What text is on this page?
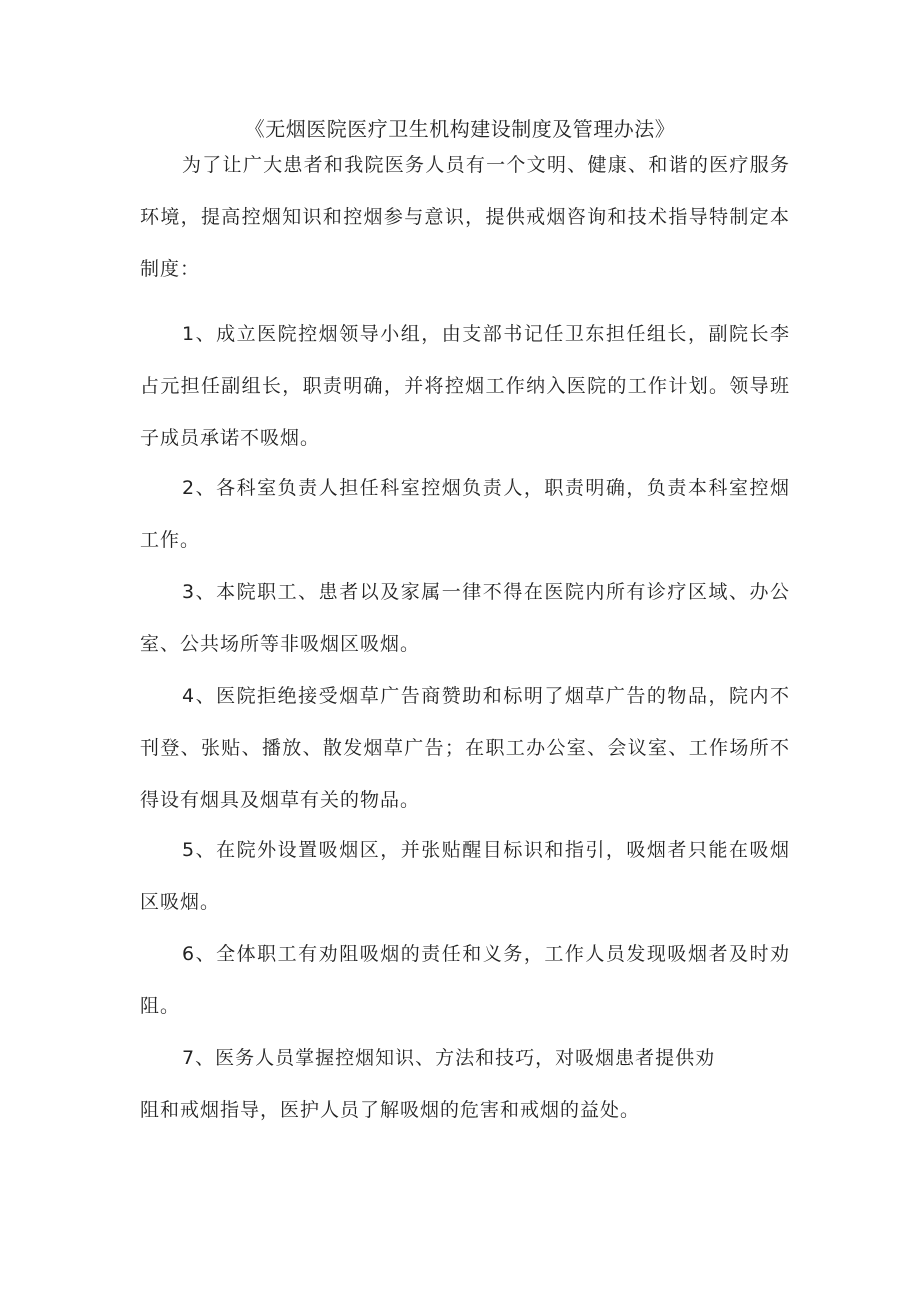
《无烟医院医疗卫生机构建设制度及管理办法》
为了让广大患者和我院医务人员有一个文明、健康、和谐的医疗服务环境，提高控烟知识和控烟参与意识，提供戒烟咨询和技术指导特制定本制度：
1、成立医院控烟领导小组，由支部书记任卫东担任组长，副院长李占元担任副组长，职责明确，并将控烟工作纳入医院的工作计划。领导班子成员承诺不吸烟。
2、各科室负责人担任科室控烟负责人，职责明确，负责本科室控烟工作。
3、本院职工、患者以及家属一律不得在医院内所有诊疗区域、办公室、公共场所等非吸烟区吸烟。
4、医院拒绝接受烟草广告商赞助和标明了烟草广告的物品，院内不刊登、张贴、播放、散发烟草广告；在职工办公室、会议室、工作场所不得设有烟具及烟草有关的物品。
5、在院外设置吸烟区，并张贴醒目标识和指引，吸烟者只能在吸烟区吸烟。
6、全体职工有劝阻吸烟的责任和义务，工作人员发现吸烟者及时劝阻。
7、医务人员掌握控烟知识、方法和技巧，对吸烟患者提供劝
阻和戒烟指导，医护人员了解吸烟的危害和戒烟的益处。
